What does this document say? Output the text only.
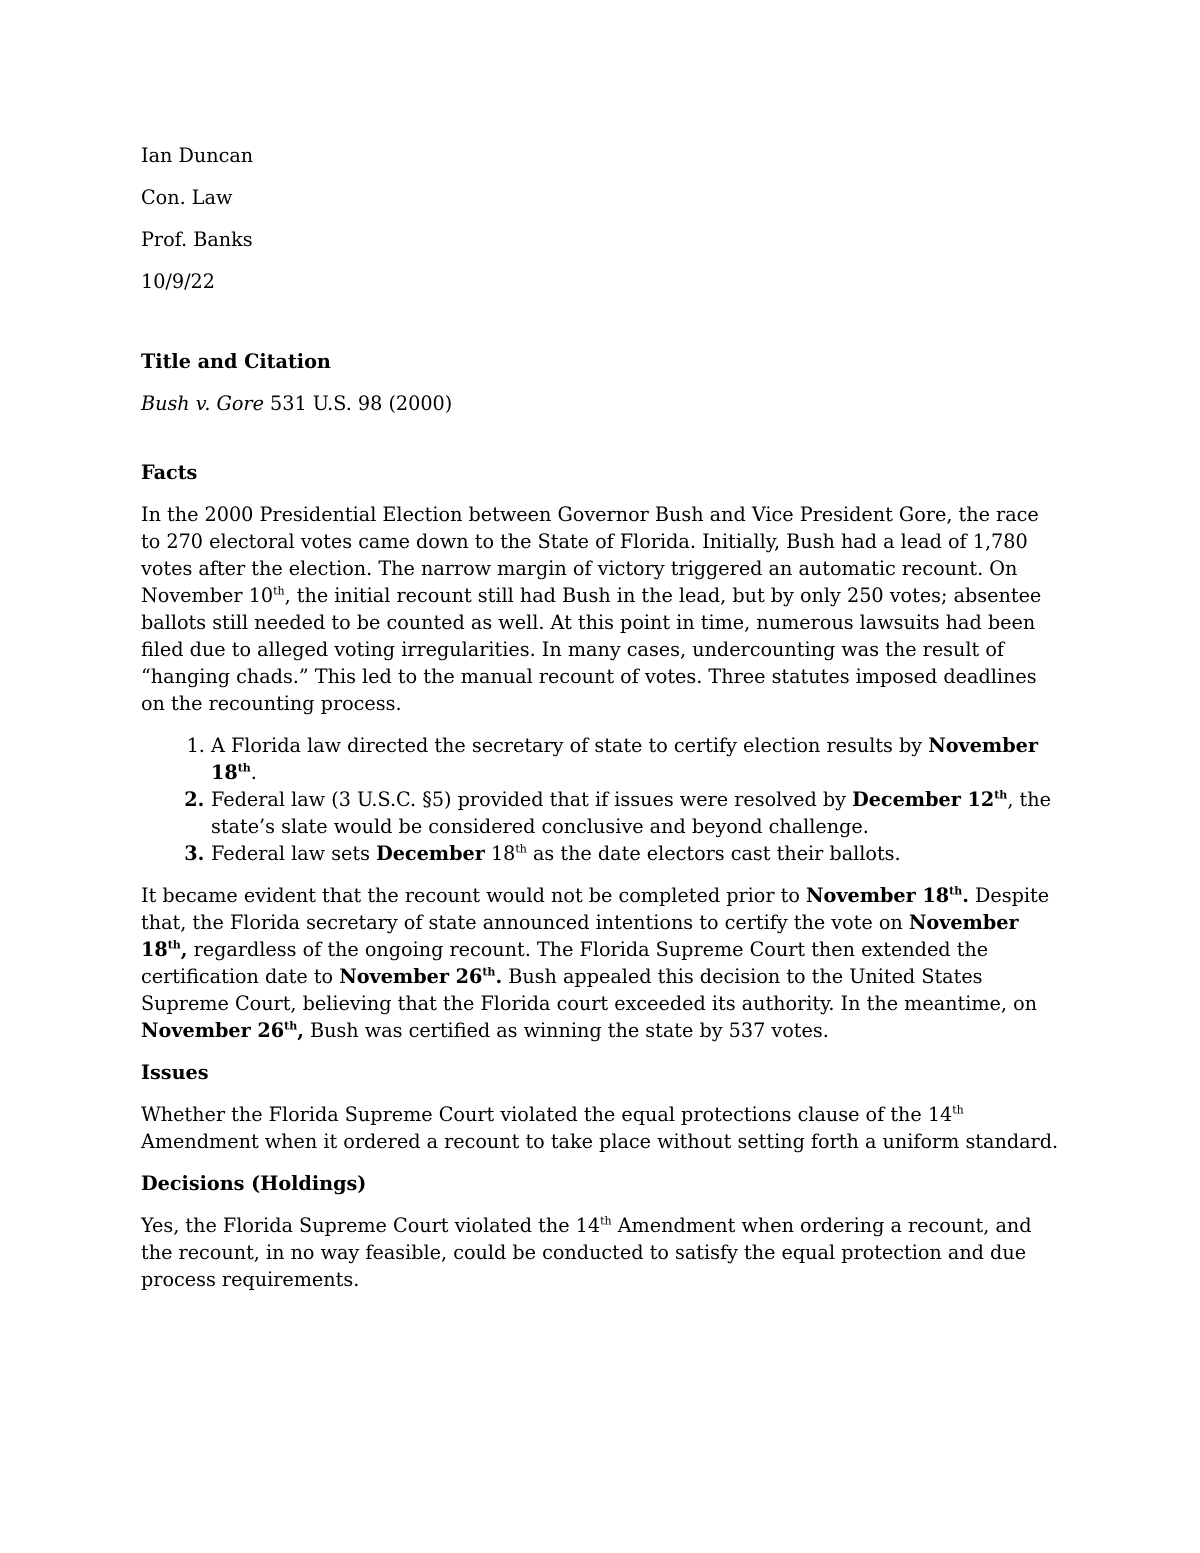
Ian Duncan
Con. Law
Prof. Banks
10/9/22
Title and Citation

Bush v. Gore 531 U.S. 98 (2000)

Facts

In the 2000 Presidential Election between Governor Bush and Vice President Gore, the race to 270 electoral votes came down to the State of Florida. Initially, Bush had a lead of 1,780 votes after the election. The narrow margin of victory triggered an automatic recount. On November 10th, the initial recount still had Bush in the lead, but by only 250 votes; absentee ballots still needed to be counted as well. At this point in time, numerous lawsuits had been filed due to alleged voting irregularities. In many cases, undercounting was the result of “hanging chads.” This led to the manual recount of votes. Three statutes imposed deadlines on the recounting process.

1. A Florida law directed the secretary of state to certify election results by November 18th.
2. Federal law (3 U.S.C. §5) provided that if issues were resolved by December 12th, the state’s slate would be considered conclusive and beyond challenge.
3. Federal law sets December 18th as the date electors cast their ballots.

It became evident that the recount would not be completed prior to November 18th. Despite that, the Florida secretary of state announced intentions to certify the vote on November 18th, regardless of the ongoing recount. The Florida Supreme Court then extended the certification date to November 26th. Bush appealed this decision to the United States Supreme Court, believing that the Florida court exceeded its authority. In the meantime, on November 26th, Bush was certified as winning the state by 537 votes.

Issues

Whether the Florida Supreme Court violated the equal protections clause of the 14th Amendment when it ordered a recount to take place without setting forth a uniform standard.

Decisions (Holdings)

Yes, the Florida Supreme Court violated the 14th Amendment when ordering a recount, and the recount, in no way feasible, could be conducted to satisfy the equal protection and due process requirements.
